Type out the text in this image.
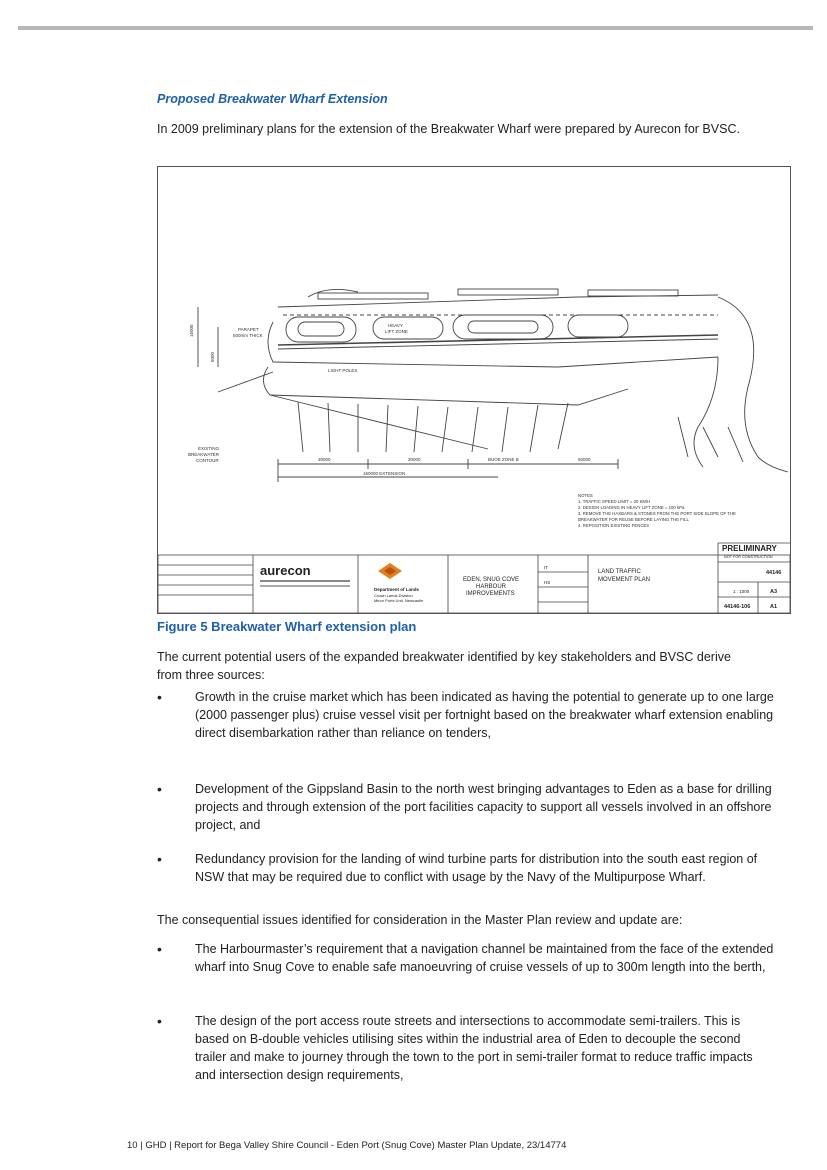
Proposed Breakwater Wharf Extension
In 2009 preliminary plans for the extension of the Breakwater Wharf were prepared by Aurecon for BVSC.
PARAPET
500mm THICK
HEAVY
LIFT ZONE
LIGHT POLES
EXISTING
BREAKWATER
CONTOUR	30000	30000	BUOE ZONE B	50000
160000 EXTENSION
16000
6000
NOTES
1. TRAFFIC SPEED LIMIT = 20 KM/H
2. DESIGN LOADING IN HEAVY LIFT ZONE = 100 kPa
3. REMOVE THE HAXBARS & STONES FROM THE PORT SIDE SLOPE OF THE
BREAKWATER FOR REUSE BEFORE LAYING THE FILL
4. REPOSITION EXISTING FENCES
PRELIMINARY
NOT FOR CONSTRUCTION
aurecon
Department of Lands
Crown Lands Division
Minor Ports Unit, Newcastle
EDEN, SNUG COVE
HARBOUR
IMPROVEMENTS
IT
HS
LAND TRAFFIC
MOVEMENT PLAN
44146
1 : 1000	A3
44146-106	A1
Figure 5 Breakwater Wharf extension plan
The current potential users of the expanded breakwater identified by key stakeholders and BVSC derive from three sources:
•	Growth in the cruise market which has been indicated as having the potential to generate up to one large (2000 passenger plus) cruise vessel visit per fortnight based on the breakwater wharf extension enabling direct disembarkation rather than reliance on tenders,
•	Development of the Gippsland Basin to the north west bringing advantages to Eden as a base for drilling projects and through extension of the port facilities capacity to support all vessels involved in an offshore project, and
•	Redundancy provision for the landing of wind turbine parts for distribution into the south east region of NSW that may be required due to conflict with usage by the Navy of the Multipurpose Wharf.
The consequential issues identified for consideration in the Master Plan review and update are:
•	The Harbourmaster’s requirement that a navigation channel be maintained from the face of the extended wharf into Snug Cove to enable safe manoeuvring of cruise vessels of up to 300m length into the berth,
•	The design of the port access route streets and intersections to accommodate semi-trailers. This is based on B-double vehicles utilising sites within the industrial area of Eden to decouple the second trailer and make to journey through the town to the port in semi-trailer format to reduce traffic impacts and intersection design requirements,
10 | GHD | Report for Bega Valley Shire Council - Eden Port (Snug Cove) Master Plan Update, 23/14774
